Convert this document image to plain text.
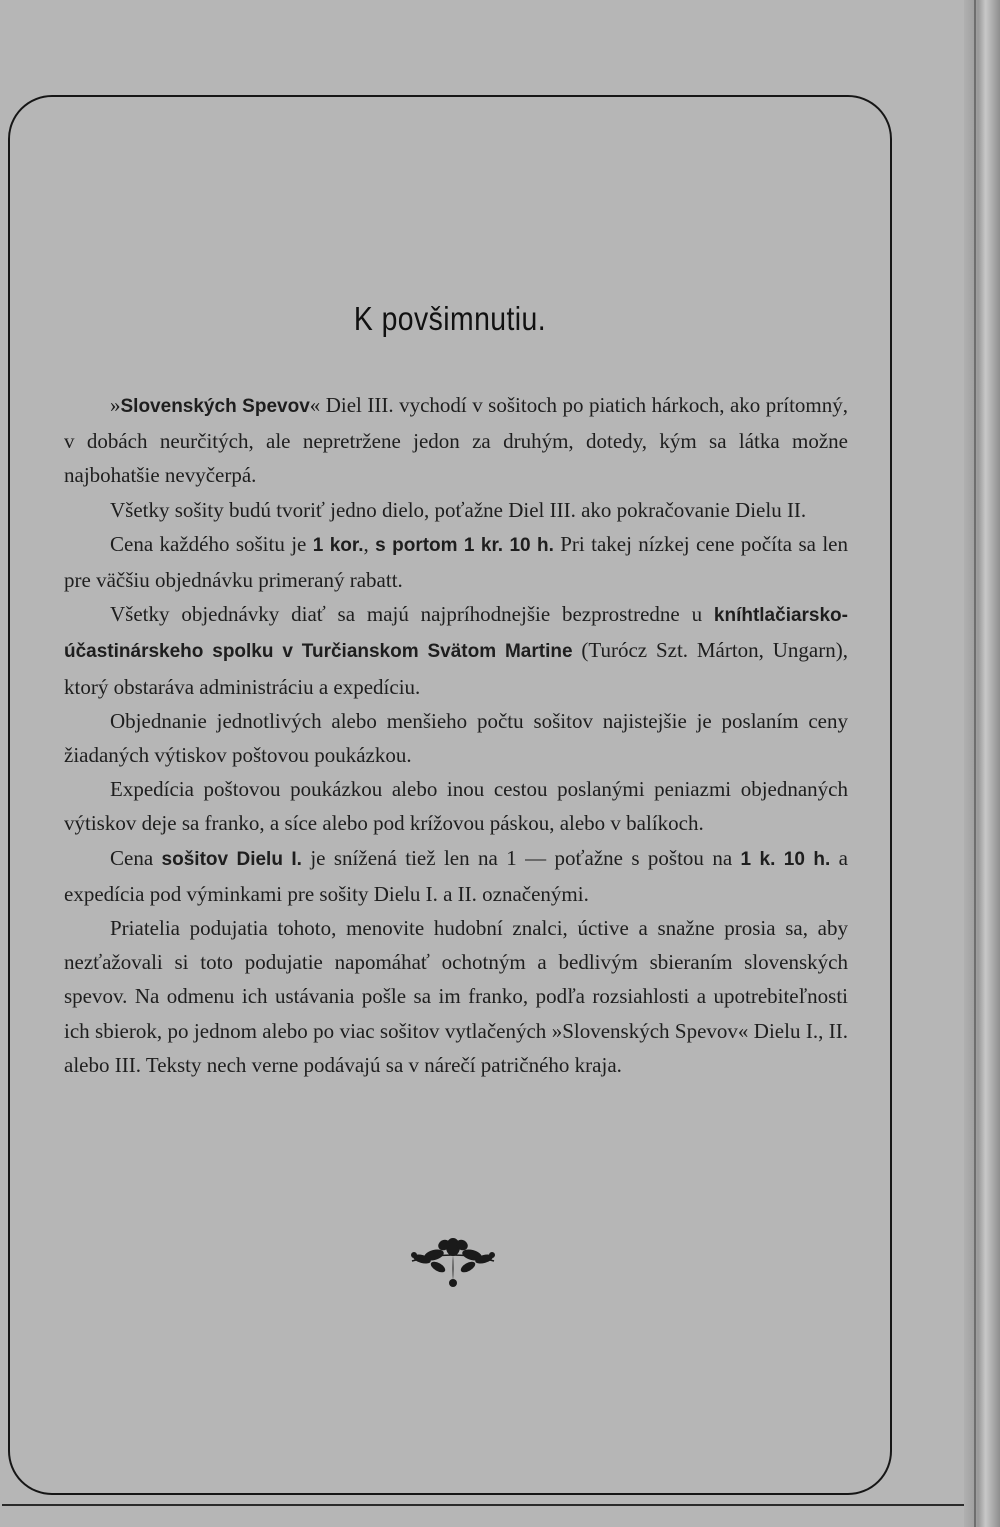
K povšimnutiu.

»Slovenských Spevov« Diel III. vychodí v sošitoch po piatich hárkoch, ako prítomný, v dobách neurčitých, ale nepretržene jedon za druhým, dotedy, kým sa látka možne najbohatšie nevyčerpá.

Všetky sošity budú tvoriť jedno dielo, poťažne Diel III. ako pokračovanie Dielu II.

Cena každého sošitu je 1 kor., s portom 1 kr. 10 h. Pri takej nízkej cene počíta sa len pre väčšiu objednávku primeraný rabatt.

Všetky objednávky diať sa majú najpríhodnejšie bezprostredne u kníhtlačiarsko-účastinárskeho spolku v Turčianskom Svätom Martine (Turócz Szt. Márton, Ungarn), ktorý obstaráva administráciu a expedíciu.

Objednanie jednotlivých alebo menšieho počtu sošitov najistejšie je poslaním ceny žiadaných výtiskov poštovou poukázkou.

Expedícia poštovou poukázkou alebo inou cestou poslanými peniazmi objednaných výtiskov deje sa franko, a síce alebo pod krížovou páskou, alebo v balíkoch.

Cena sošitov Dielu I. je snížená tiež len na 1 — poťažne s poštou na 1 k. 10 h. a expedícia pod výminkami pre sošity Dielu I. a II. označenými.

Priatelia podujatia tohoto, menovite hudobní znalci, úctive a snažne prosia sa, aby nezťažovali si toto podujatie napomáhať ochotným a bedlivým sbieraním slovenských spevov. Na odmenu ich ustávania pošle sa im franko, podľa rozsiahlosti a upotrebiteľnosti ich sbierok, po jednom alebo po viac sošitov vytlačených »Slovenských Spevov« Dielu I., II. alebo III. Teksty nech verne podávajú sa v nárečí patričného kraja.
